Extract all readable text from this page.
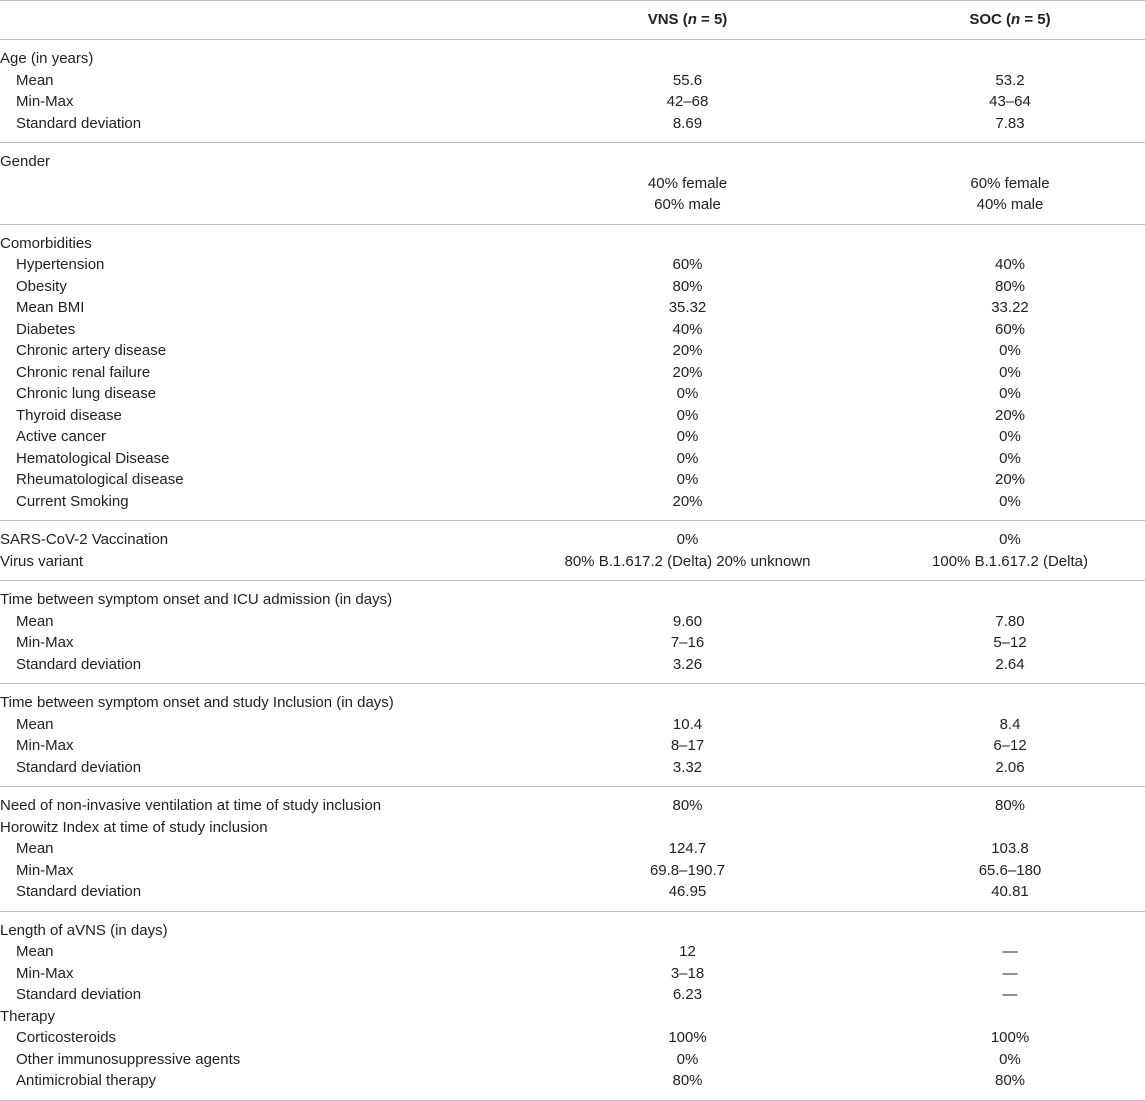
	VNS (n = 5)	SOC (n = 5)
Age (in years)		
Mean	55.6	53.2
Min-Max	42–68	43–64
Standard deviation	8.69	7.83

Gender		
	40% female	60% female
	60% male	40% male

Comorbidities		
Hypertension	60%	40%
Obesity	80%	80%
Mean BMI	35.32	33.22
Diabetes	40%	60%
Chronic artery disease	20%	0%
Chronic renal failure	20%	0%
Chronic lung disease	0%	0%
Thyroid disease	0%	20%
Active cancer	0%	0%
Hematological Disease	0%	0%
Rheumatological disease	0%	20%
Current Smoking	20%	0%

SARS-CoV-2 Vaccination	0%	0%
Virus variant	80% B.1.617.2 (Delta) 20% unknown	100% B.1.617.2 (Delta)

Time between symptom onset and ICU admission (in days)		
Mean	9.60	7.80
Min-Max	7–16	5–12
Standard deviation	3.26	2.64

Time between symptom onset and study Inclusion (in days)		
Mean	10.4	8.4
Min-Max	8–17	6–12
Standard deviation	3.32	2.06

Need of non-invasive ventilation at time of study inclusion	80%	80%
Horowitz Index at time of study inclusion		
Mean	124.7	103.8
Min-Max	69.8–190.7	65.6–180
Standard deviation	46.95	40.81

Length of aVNS (in days)		
Mean	12	—
Min-Max	3–18	—
Standard deviation	6.23	—
Therapy		
Corticosteroids	100%	100%
Other immunosuppressive agents	0%	0%
Antimicrobial therapy	80%	80%
